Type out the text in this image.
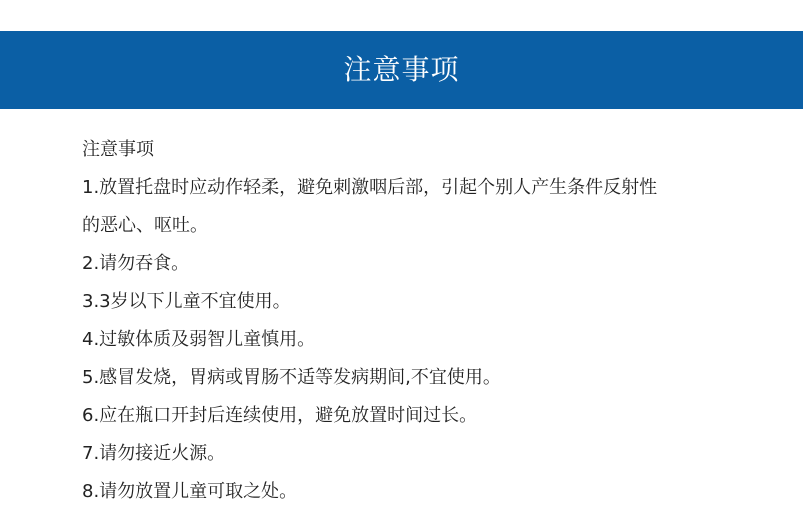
注意事项
注意事项
1.放置托盘时应动作轻柔，避免刺激咽后部，引起个别人产生条件反射性
的恶心、呕吐。
2.请勿吞食。
3.3岁以下儿童不宜使用。
4.过敏体质及弱智儿童慎用。
5.感冒发烧，胃病或胃肠不适等发病期间,不宜使用。
6.应在瓶口开封后连续使用，避免放置时间过长。
7.请勿接近火源。
8.请勿放置儿童可取之处。
